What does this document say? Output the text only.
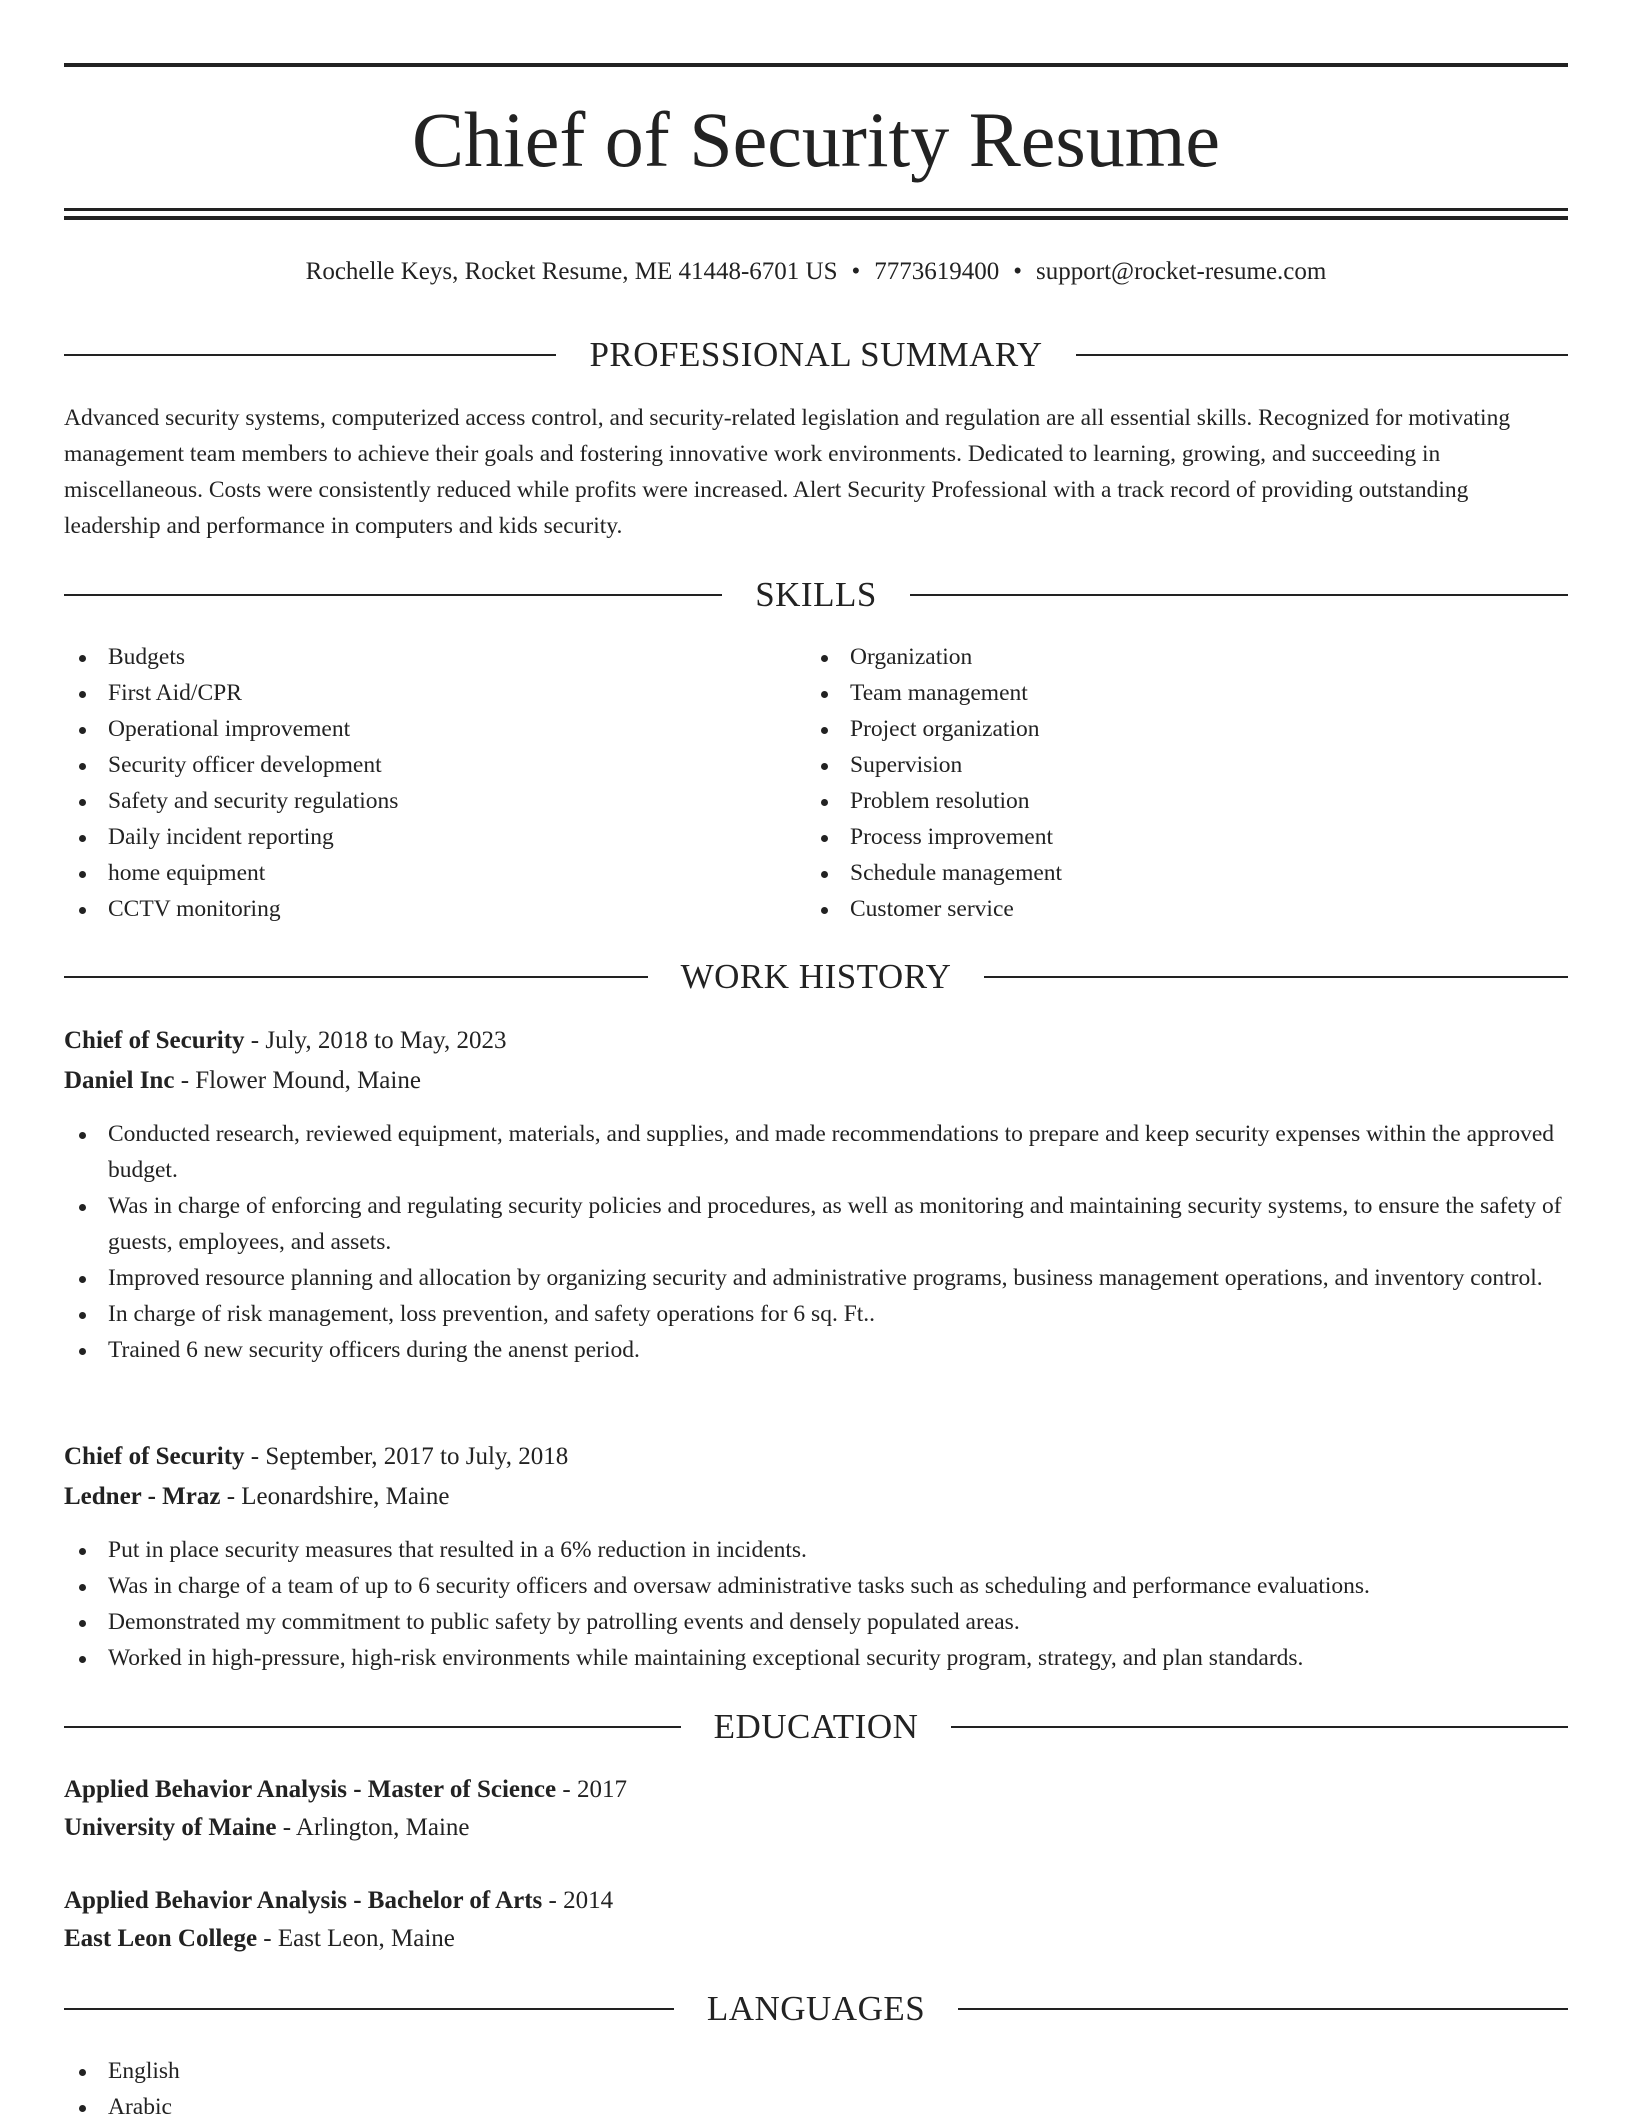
Chief of Security Resume
Rochelle Keys, Rocket Resume, ME 41448-6701 US • 7773619400 • support@rocket-resume.com
PROFESSIONAL SUMMARY

Advanced security systems, computerized access control, and security-related legislation and regulation are all essential skills. Recognized for motivating management team members to achieve their goals and fostering innovative work environments. Dedicated to learning, growing, and succeeding in miscellaneous. Costs were consistently reduced while profits were increased. Alert Security Professional with a track record of providing outstanding leadership and performance in computers and kids security.

SKILLS
Budgets
First Aid/CPR
Operational improvement
Security officer development
Safety and security regulations
Daily incident reporting
home equipment
CCTV monitoring
Organization
Team management
Project organization
Supervision
Problem resolution
Process improvement
Schedule management
Customer service
WORK HISTORY
Chief of Security - July, 2018 to May, 2023
Daniel Inc - Flower Mound, Maine
Conducted research, reviewed equipment, materials, and supplies, and made recommendations to prepare and keep security expenses within the approved budget.
Was in charge of enforcing and regulating security policies and procedures, as well as monitoring and maintaining security systems, to ensure the safety of guests, employees, and assets.
Improved resource planning and allocation by organizing security and administrative programs, business management operations, and inventory control.
In charge of risk management, loss prevention, and safety operations for 6 sq. Ft..
Trained 6 new security officers during the anenst period.
Chief of Security - September, 2017 to July, 2018
Ledner - Mraz - Leonardshire, Maine
Put in place security measures that resulted in a 6% reduction in incidents.
Was in charge of a team of up to 6 security officers and oversaw administrative tasks such as scheduling and performance evaluations.
Demonstrated my commitment to public safety by patrolling events and densely populated areas.
Worked in high-pressure, high-risk environments while maintaining exceptional security program, strategy, and plan standards.
EDUCATION
Applied Behavior Analysis - Master of Science - 2017
University of Maine - Arlington, Maine
Applied Behavior Analysis - Bachelor of Arts - 2014
East Leon College - East Leon, Maine
LANGUAGES
English
Arabic
